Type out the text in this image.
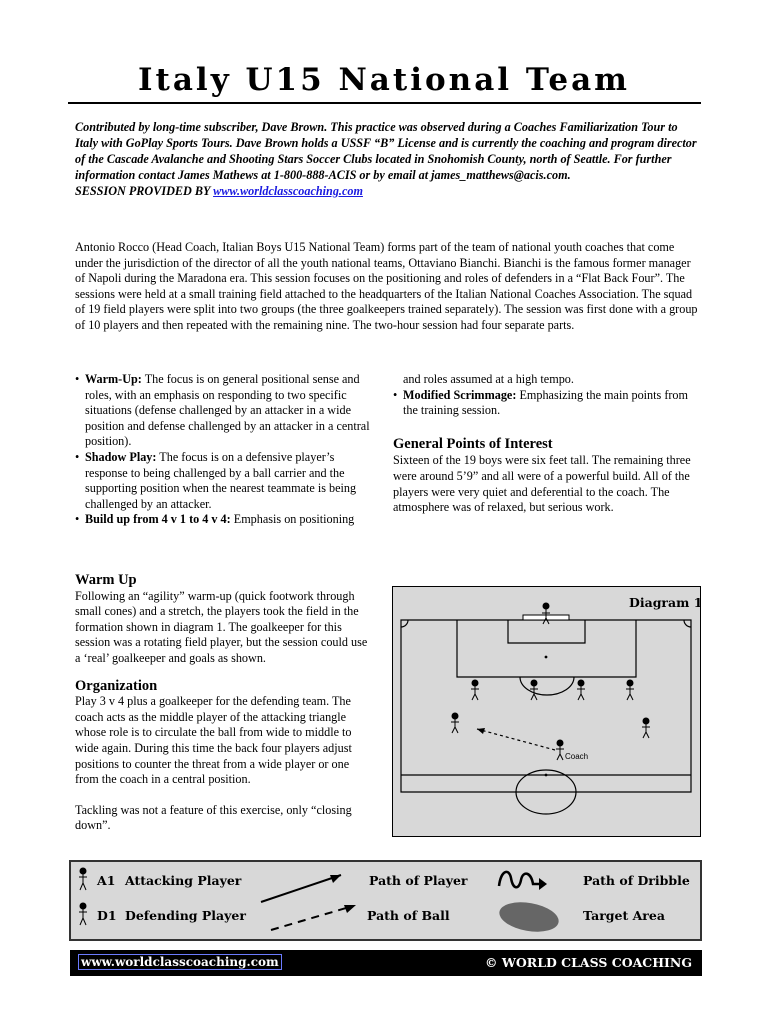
Italy U15 National Team
Contributed by long-time subscriber, Dave Brown. This practice was observed during a Coaches Familiarization Tour to Italy with GoPlay Sports Tours. Dave Brown holds a USSF “B” License and is currently the coaching and program director of the Cascade Avalanche and Shooting Stars Soccer Clubs located in Snohomish County, north of Seattle. For further information contact James Mathews at 1-800-888-ACIS or by email at james_matthews@acis.com.
SESSION PROVIDED BY www.worldclasscoaching.com
Antonio Rocco (Head Coach, Italian Boys U15 National Team) forms part of the team of national youth coaches that come under the jurisdiction of the director of all the youth national teams, Ottaviano Bianchi. Bianchi is the famous former manager of Napoli during the Maradona era. This session focuses on the positioning and roles of defenders in a “Flat Back Four”. The sessions were held at a small training field attached to the headquarters of the Italian National Coaches Association. The squad of 19 field players were split into two groups (the three goalkeepers trained separately). The session was first done with a group of 10 players and then repeated with the remaining nine. The two-hour session had four separate parts.
• Warm-Up: The focus is on general positional sense and roles, with an emphasis on responding to two specific situations (defense challenged by an attacker in a wide position and defense challenged by an attacker in a central position).
• Shadow Play: The focus is on a defensive player’s response to being challenged by a ball carrier and the supporting position when the nearest teammate is being challenged by an attacker.
• Build up from 4 v 1 to 4 v 4: Emphasis on positioning
and roles assumed at a high tempo.
• Modified Scrimmage: Emphasizing the main points from the training session.
General Points of Interest
Sixteen of the 19 boys were six feet tall. The remaining three were around 5’9” and all were of a powerful build. All of the players were very quiet and deferential to the coach. The atmosphere was of relaxed, but serious work.
Warm Up
Following an “agility” warm-up (quick footwork through small cones) and a stretch, the players took the field in the formation shown in diagram 1. The goalkeeper for this session was a rotating field player, but the session could use a ‘real’ goalkeeper and goals as shown.
Organization
Play 3 v 4 plus a goalkeeper for the defending team. The coach acts as the middle player of the attacking triangle whose role is to circulate the ball from wide to middle to wide again. During this time the back four players adjust positions to counter the threat from a wide player or one from the coach in a central position.
Tackling was not a feature of this exercise, only “closing down”.
Coach
Diagram 1
A1 Attacking Player
D1 Defending Player
Path of Player
Path of Ball
Path of Dribble
Target Area
www.worldclasscoaching.com	© WORLD CLASS COACHING
